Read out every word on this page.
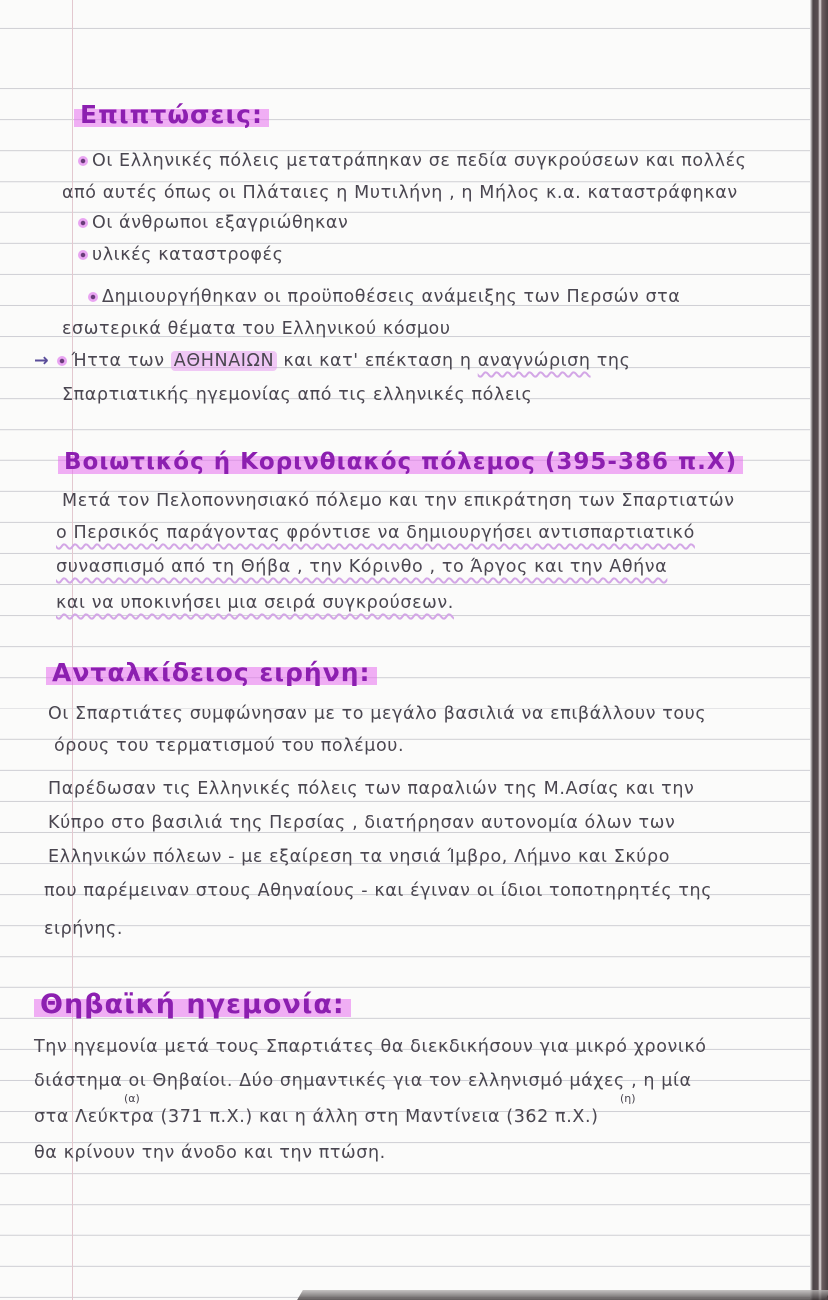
Επιπτώσεις:
Οι Ελληνικές πόλεις μετατράπηκαν σε πεδία συγκρούσεων και πολλές
από αυτές όπως οι Πλάταιες η Μυτιλήνη , η Μήλος κ.α. καταστράφηκαν
Οι άνθρωποι εξαγριώθηκαν
υλικές καταστροφές
Δημιουργήθηκαν οι προϋποθέσεις ανάμειξης των Περσών στα
εσωτερικά θέματα του Ελληνικού κόσμου
→ Ήττα των ΑΘΗΝΑΙΩΝ και κατ' επέκταση η αναγνώριση της
Σπαρτιατικής ηγεμονίας από τις ελληνικές πόλεις
Βοιωτικός ή Κορινθιακός πόλεμος (395-386 π.Χ)
Μετά τον Πελοποννησιακό πόλεμο και την επικράτηση των Σπαρτιατών
ο Περσικός παράγοντας φρόντισε να δημιουργήσει αντισπαρτιατικό
συνασπισμό από τη Θήβα , την Κόρινθο , το Άργος και την Αθήνα
και να υποκινήσει μια σειρά συγκρούσεων.
Ανταλκίδειος ειρήνη:
Οι Σπαρτιάτες συμφώνησαν με το μεγάλο βασιλιά να επιβάλλουν τους
όρους του τερματισμού του πολέμου.
Παρέδωσαν τις Ελληνικές πόλεις των παραλιών της Μ.Ασίας και την
Κύπρο στο βασιλιά της Περσίας , διατήρησαν αυτονομία όλων των
Ελληνικών πόλεων - με εξαίρεση τα νησιά Ίμβρο, Λήμνο και Σκύρο
που παρέμειναν στους Αθηναίους - και έγιναν οι ίδιοι τοποτηρητές της
ειρήνης.
Θηβαϊκή ηγεμονία:
Την ηγεμονία μετά τους Σπαρτιάτες θα διεκδικήσουν για μικρό χρονικό
διάστημα οι Θηβαίοι. Δύο σημαντικές για τον ελληνισμό μάχες , η μία
(α)	(η)
στα Λεύκτρα (371 π.Χ.) και η άλλη στη Μαντίνεια (362 π.Χ.)
θα κρίνουν την άνοδο και την πτώση.
